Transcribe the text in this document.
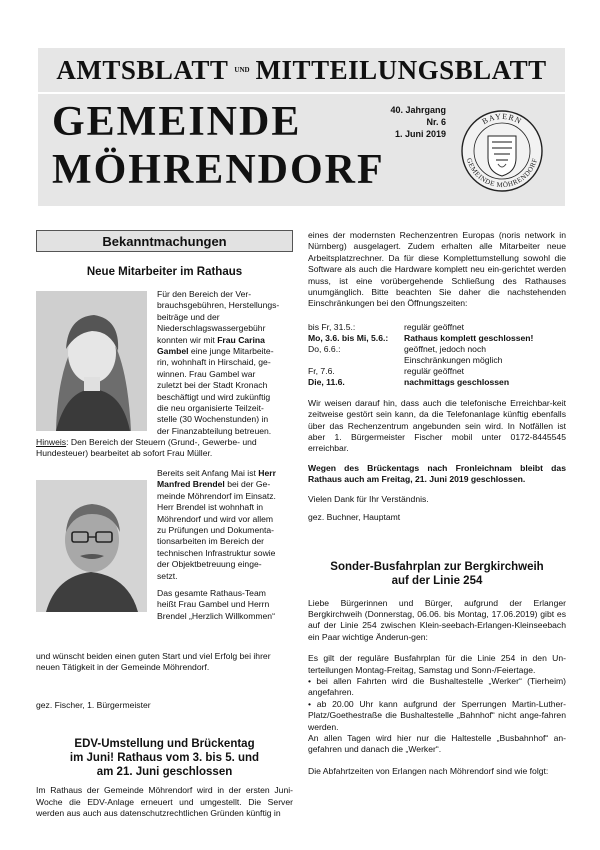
AMTSBLATT UND MITTEILUNGSBLATT
GEMEINDE
MÖHRENDORF
40. Jahrgang
Nr. 6
1. Juni 2019
BAYERN
GEMEINDE MÖHRENDORF
Bekanntmachungen
Neue Mitarbeiter im Rathaus
Für den Bereich der Ver-
brauchsgebühren, Herstellungs-
beiträge und der
Niederschlagswassergebühr
konnten wir mit Frau Carina
Gambel eine junge Mitarbeite-
rin, wohnhaft in Hirschaid, ge-
winnen. Frau Gambel war
zuletzt bei der Stadt Kronach
beschäftigt und wird zukünftig
die neu organisierte Teilzeit-
stelle (30 Wochenstunden) in
der Finanzabteilung betreuen.
Hinweis: Den Bereich der Steuern (Grund-, Gewerbe- und Hundesteuer) bearbeitet ab sofort Frau Müller.
Bereits seit Anfang Mai ist Herr
Manfred Brendel bei der Ge-
meinde Möhrendorf im Einsatz.
Herr Brendel ist wohnhaft in
Möhrendorf und wird vor allem
zu Prüfungen und Dokumenta-
tionsarbeiten im Bereich der
technischen Infrastruktur sowie
der Objektbetreuung einge-
setzt.
Das gesamte Rathaus-Team
heißt Frau Gambel und Herrn
Brendel „Herzlich Willkommen“
und wünscht beiden einen guten Start und viel Erfolg bei ihrer neuen Tätigkeit in der Gemeinde Möhrendorf.
gez. Fischer, 1. Bürgermeister
EDV-Umstellung und Brückentag
im Juni! Rathaus vom 3. bis 5. und
am 21. Juni geschlossen

Im Rathaus der Gemeinde Möhrendorf wird in der ersten Juni-Woche die EDV-Anlage erneuert und umgestellt. Die Server werden aus auch aus datenschutzrechtlichen Gründen künftig in

eines der modernsten Rechenzentren Europas (noris network in Nürnberg) ausgelagert. Zudem erhalten alle Mitarbeiter neue Arbeitsplatzrechner. Da für diese Komplettumstellung sowohl die Software als auch die Hardware komplett neu ein-gerichtet werden muss, ist eine vorübergehende Schließung des Rathauses unumgänglich. Bitte beachten Sie daher die nachstehenden Einschränkungen bei den Öffnungszeiten:

bis Fr, 31.5.:	regulär geöffnet
Mo, 3.6. bis Mi, 5.6.:	Rathaus komplett geschlossen!
Do, 6.6.:	geöffnet, jedoch noch
Einschränkungen möglich
Fr, 7.6.	regulär geöffnet
Die, 11.6.	nachmittags geschlossen

Wir weisen darauf hin, dass auch die telefonische Erreichbar-keit zeitweise gestört sein kann, da die Telefonanlage künftig ebenfalls über das Rechenzentrum angebunden sein wird. In Notfällen ist aber 1. Bürgermeister Fischer mobil unter 0172-8445545 erreichbar.

Wegen des Brückentags nach Fronleichnam bleibt das Rathaus auch am Freitag, 21. Juni 2019 geschlossen.

Vielen Dank für Ihr Verständnis.

gez. Buchner, Hauptamt

Sonder-Busfahrplan zur Bergkirchweih
auf der Linie 254

Liebe Bürgerinnen und Bürger, aufgrund der Erlanger Bergkirchweih (Donnerstag, 06.06. bis Montag, 17.06.2019) gibt es auf der Linie 254 zwischen Klein-seebach-Erlangen-Kleinseebach ein Paar wichtige Änderun-gen:

Es gilt der reguläre Busfahrplan für die Linie 254 in den Un-terteilungen Montag-Freitag, Samstag und Sonn-/Feiertage.

• bei allen Fahrten wird die Bushaltestelle „Werker“ (Tierheim) angefahren.

• ab 20.00 Uhr kann aufgrund der Sperrungen Martin-Luther-Platz/Goethestraße die Bushaltestelle „Bahnhof“ nicht ange-fahren werden.

An allen Tagen wird hier nur die Haltestelle „Busbahnhof“ an-gefahren und danach die „Werker“.

Die Abfahrtzeiten von Erlangen nach Möhrendorf sind wie folgt:
